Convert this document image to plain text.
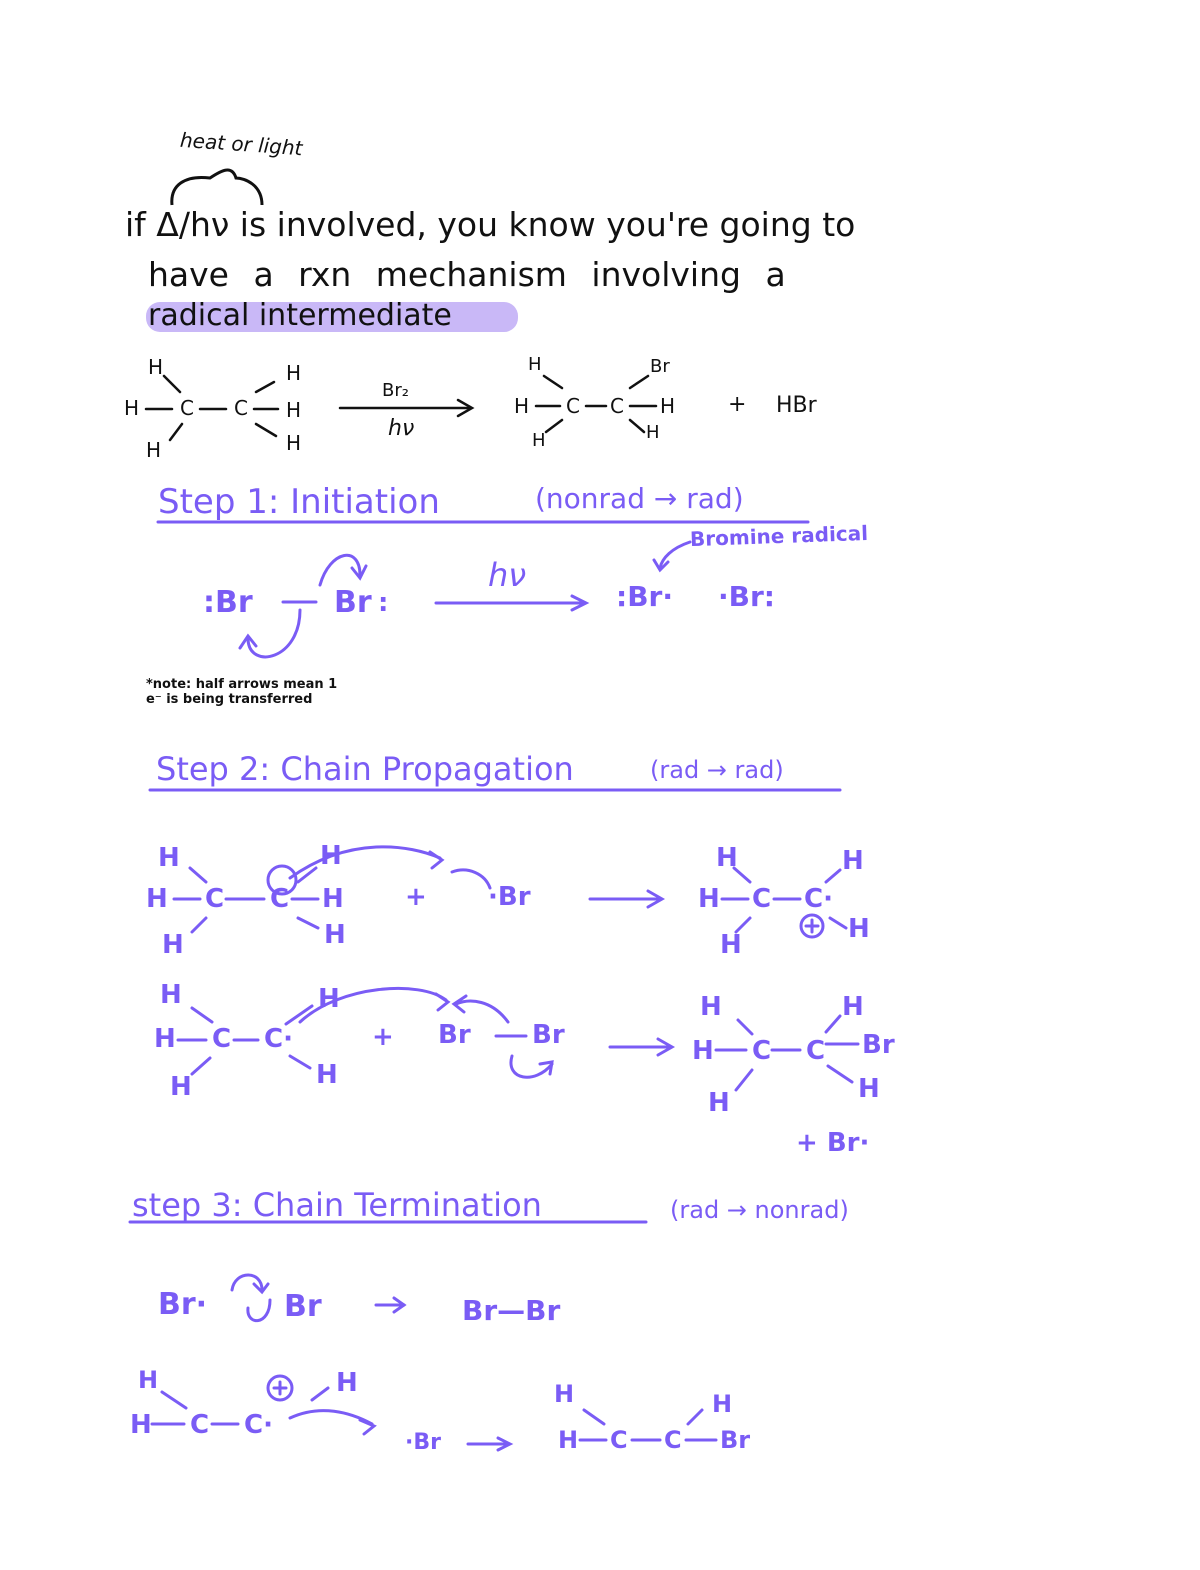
heat or light
if Δ/hν is involved, you know you're going to
have a rxn mechanism involving a
radical intermediate
H
H C
H
C
H
H
H
Br₂
hν
H	Br
H C C H
H	H
+ HBr
Step 1: Initiation	(nonrad → rad)
Bromine radical
:Br	Br :
hν
:Br· ·Br:
*note: half arrows mean 1 e⁻ is being transferred
Step 2: Chain Propagation	(rad → rad)
H
H C
H
C
H
H
H
+ ·Br
H	H
H C C·
H
H
H
H C C·
H
H	H
+ Br Br
H	H
H C C Br
H	H
+ Br·
step 3: Chain Termination	(rad → nonrad)
Br·	Br	Br—Br
H	H
H C C·
·Br
H	H
H C C Br
